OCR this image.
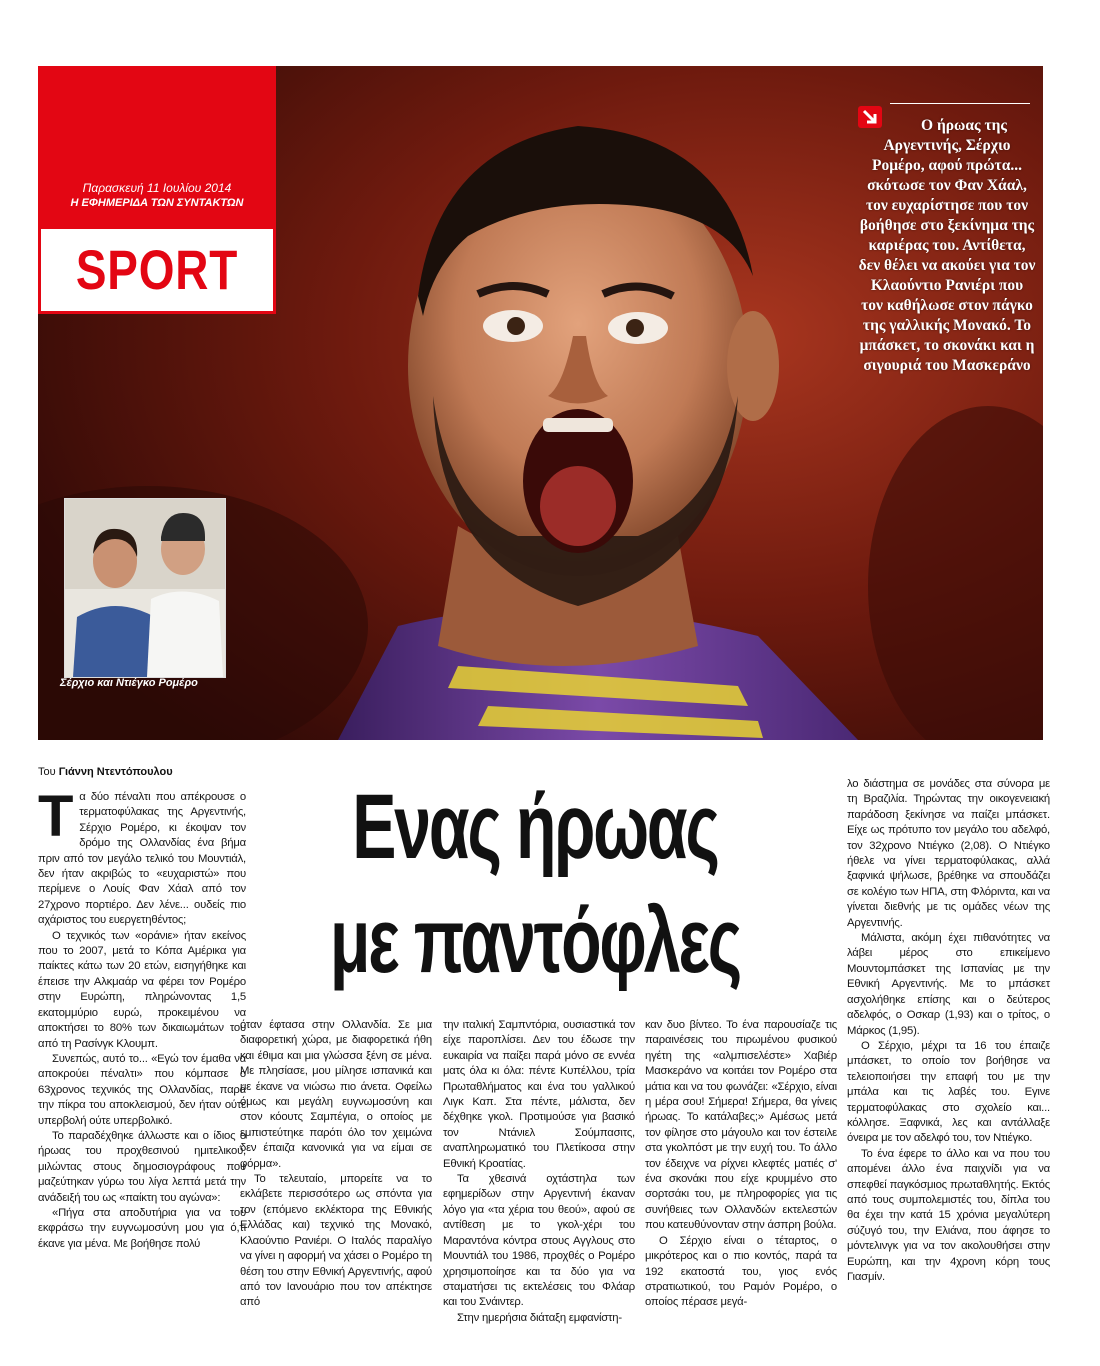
Παρασκευή 11 Ιουλίου 2014
Η ΕΦΗΜΕΡΙΔΑ ΤΩΝ ΣΥΝΤΑΚΤΩΝ
SPORT
Ο ήρωας της Αργεντινής, Σέρχιο Ρομέρο, αφού πρώτα... σκότωσε τον Φαν Χάαλ, τον ευχαρίστησε που τον βοήθησε στο ξεκίνημα της καριέρας του. Αντίθετα, δεν θέλει να ακούει για τον Κλαούντιο Ρανιέρι που τον καθήλωσε στον πάγκο της γαλλικής Μονακό. Το μπάσκετ, το σκονάκι και η σιγουριά του Μασκεράνο
Σέρχιο και Ντιέγκο Ρομέρο
Του Γιάννη Ντεντόπουλου
Ενας ήρωας
με παντόφλες

Τα δύο πέναλτι που απέκρουσε ο τερματοφύλακας της Αργεντινής, Σέρχιο Ρομέρο, κι έκοψαν τον δρόμο της Ολλανδίας ένα βήμα πριν από τον μεγάλο τελικό του Μουντιάλ, δεν ήταν ακριβώς το «ευχαριστώ» που περίμενε ο Λουίς Φαν Χάαλ από τον 27χρονο πορτιέρο. Δεν λένε... ουδείς πιο αχάριστος του ευεργετηθέντος;

Ο τεχνικός των «οράνιε» ήταν εκείνος που το 2007, μετά το Κόπα Αμέρικα για παίκτες κάτω των 20 ετών, εισηγήθηκε και έπεισε την Αλκμαάρ να φέρει τον Ρομέρο στην Ευρώπη, πληρώνοντας 1,5 εκατομμύριο ευρώ, προκειμένου να αποκτήσει το 80% των δικαιωμάτων του από τη Ρασίνγκ Κλουμπ.

Συνεπώς, αυτό το... «Εγώ τον έμαθα να αποκρούει πέναλτι» που κόμπασε ο 63χρονος τεχνικός της Ολλανδίας, παρά την πίκρα του αποκλεισμού, δεν ήταν ούτε υπερβολή ούτε υπερβολικό.

Το παραδέχθηκε άλλωστε και ο ίδιος ο ήρωας του προχθεσινού ημιτελικού, μιλώντας στους δημοσιογράφους που μαζεύτηκαν γύρω του λίγα λεπτά μετά την ανάδειξή του ως «παίκτη του αγώνα»:

«Πήγα στα αποδυτήρια για να του εκφράσω την ευγνωμοσύνη μου για ό,τι έκανε για μένα. Με βοήθησε πολύ

όταν έφτασα στην Ολλανδία. Σε μια διαφορετική χώρα, με διαφορετικά ήθη και έθιμα και μια γλώσσα ξένη σε μένα. Με πλησίασε, μου μίλησε ισπανικά και με έκανε να νιώσω πιο άνετα. Οφείλω όμως και μεγάλη ευγνωμοσύνη και στον κόουτς Σαμπέγια, ο οποίος με εμπιστεύτηκε παρότι όλο τον χειμώνα δεν έπαιζα κανονικά για να είμαι σε φόρμα».

Το τελευταίο, μπορείτε να το εκλάβετε περισσότερο ως σπόντα για τον (επόμενο εκλέκτορα της Εθνικής Ελλάδας και) τεχνικό της Μονακό, Κλαούντιο Ρανιέρι. Ο Ιταλός παραλίγο να γίνει η αφορμή να χάσει ο Ρομέρο τη θέση του στην Εθνική Αργεντινής, αφού από τον Ιανουάριο που τον απέκτησε από

την ιταλική Σαμπντόρια, ουσιαστικά τον είχε παροπλίσει. Δεν του έδωσε την ευκαιρία να παίξει παρά μόνο σε εννέα ματς όλα κι όλα: πέντε Κυπέλλου, τρία Πρωταθλήματος και ένα του γαλλικού Λιγκ Καπ. Στα πέντε, μάλιστα, δεν δέχθηκε γκολ. Προτιμούσε για βασικό τον Ντάνιελ Σούμπασιτς, αναπληρωματικό του Πλετίκοσα στην Εθνική Κροατίας.

Τα χθεσινά οχτάστηλα των εφημερίδων στην Αργεντινή έκαναν λόγο για «τα χέρια του θεού», αφού σε αντίθεση με το γκολ-χέρι του Μαραντόνα κόντρα στους Αγγλους στο Μουντιάλ του 1986, προχθές ο Ρομέρο χρησιμοποίησε και τα δύο για να σταματήσει τις εκτελέσεις του Φλάαρ και του Σνάιντερ.

Στην ημερήσια διάταξη εμφανίστη-

καν δυο βίντεο. Το ένα παρουσίαζε τις παραινέσεις του πιρωμένου φυσικού ηγέτη της «αλμπισελέστε» Χαβιέρ Μασκεράνο να κοιτάει τον Ρομέρο στα μάτια και να του φωνάζει: «Σέρχιο, είναι η μέρα σου! Σήμερα! Σήμερα, θα γίνεις ήρωας. Το κατάλαβες;» Αμέσως μετά τον φίλησε στο μάγουλο και τον έστειλε στα γκολπόστ με την ευχή του. Το άλλο τον έδειχνε να ρίχνει κλεφτές ματιές σ' ένα σκονάκι που είχε κρυμμένο στο σορτσάκι του, με πληροφορίες για τις συνήθειες των Ολλανδών εκτελεστών που κατευθύνονταν στην άσπρη βούλα.

Ο Σέρχιο είναι ο τέταρτος, ο μικρότερος και ο πιο κοντός, παρά τα 192 εκατοστά του, γιος ενός στρατιωτικού, του Ραμόν Ρομέρο, ο οποίος πέρασε μεγά-

λο διάστημα σε μονάδες στα σύνορα με τη Βραζιλία. Τηρώντας την οικογενειακή παράδοση ξεκίνησε να παίζει μπάσκετ. Είχε ως πρότυπο τον μεγάλο του αδελφό, τον 32χρονο Ντιέγκο (2,08). Ο Ντιέγκο ήθελε να γίνει τερματοφύλακας, αλλά ξαφνικά ψήλωσε, βρέθηκε να σπουδάζει σε κολέγιο των ΗΠΑ, στη Φλόριντα, και να γίνεται διεθνής με τις ομάδες νέων της Αργεντινής.

Μάλιστα, ακόμη έχει πιθανότητες να λάβει μέρος στο επικείμενο Μουντομπάσκετ της Ισπανίας με την Εθνική Αργεντινής. Με το μπάσκετ ασχολήθηκε επίσης και ο δεύτερος αδελφός, ο Οσκαρ (1,93) και ο τρίτος, ο Μάρκος (1,95).

Ο Σέρχιο, μέχρι τα 16 του έπαιζε μπάσκετ, το οποίο τον βοήθησε να τελειοποιήσει την επαφή του με την μπάλα και τις λαβές του. Εγινε τερματοφύλακας στο σχολείο και... κόλλησε. Ξαφνικά, λες και αντάλλαξε όνειρα με τον αδελφό του, τον Ντιέγκο.

Το ένα έφερε το άλλο και να που του απομένει άλλο ένα παιχνίδι για να σπεφθεί παγκόσμιος πρωταθλητής. Εκτός από τους συμπολεμιστές του, δίπλα του θα έχει την κατά 15 χρόνια μεγαλύτερη σύζυγό του, την Ελιάνα, που άφησε το μόντελινγκ για να τον ακολουθήσει στην Ευρώπη, και την 4χρονη κόρη τους Γιασμίν.
